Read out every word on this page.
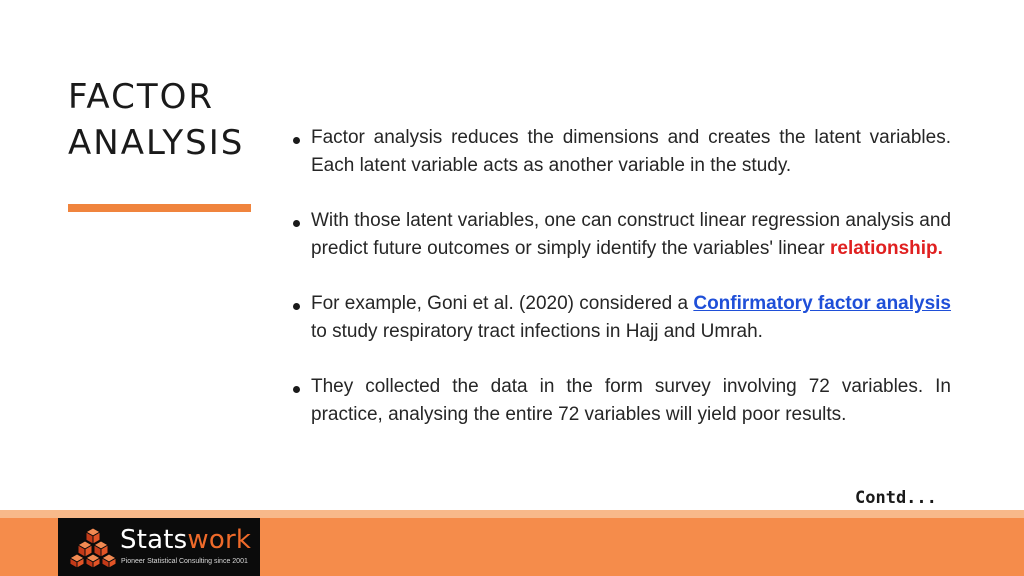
FACTOR
ANALYSIS	Factor analysis reduces the dimensions and creates the latent variables. Each latent variable acts as another variable in the study.
With those latent variables, one can construct linear regression analysis and predict future outcomes or simply identify the variables' linear relationship.
For example, Goni et al. (2020) considered a Confirmatory factor analysis to study respiratory tract infections in Hajj and Umrah.
They collected the data in the form survey involving 72 variables. In practice, analysing the entire 72 variables will yield poor results.
Contd...
Statswork
Pioneer Statistical Consulting since 2001
